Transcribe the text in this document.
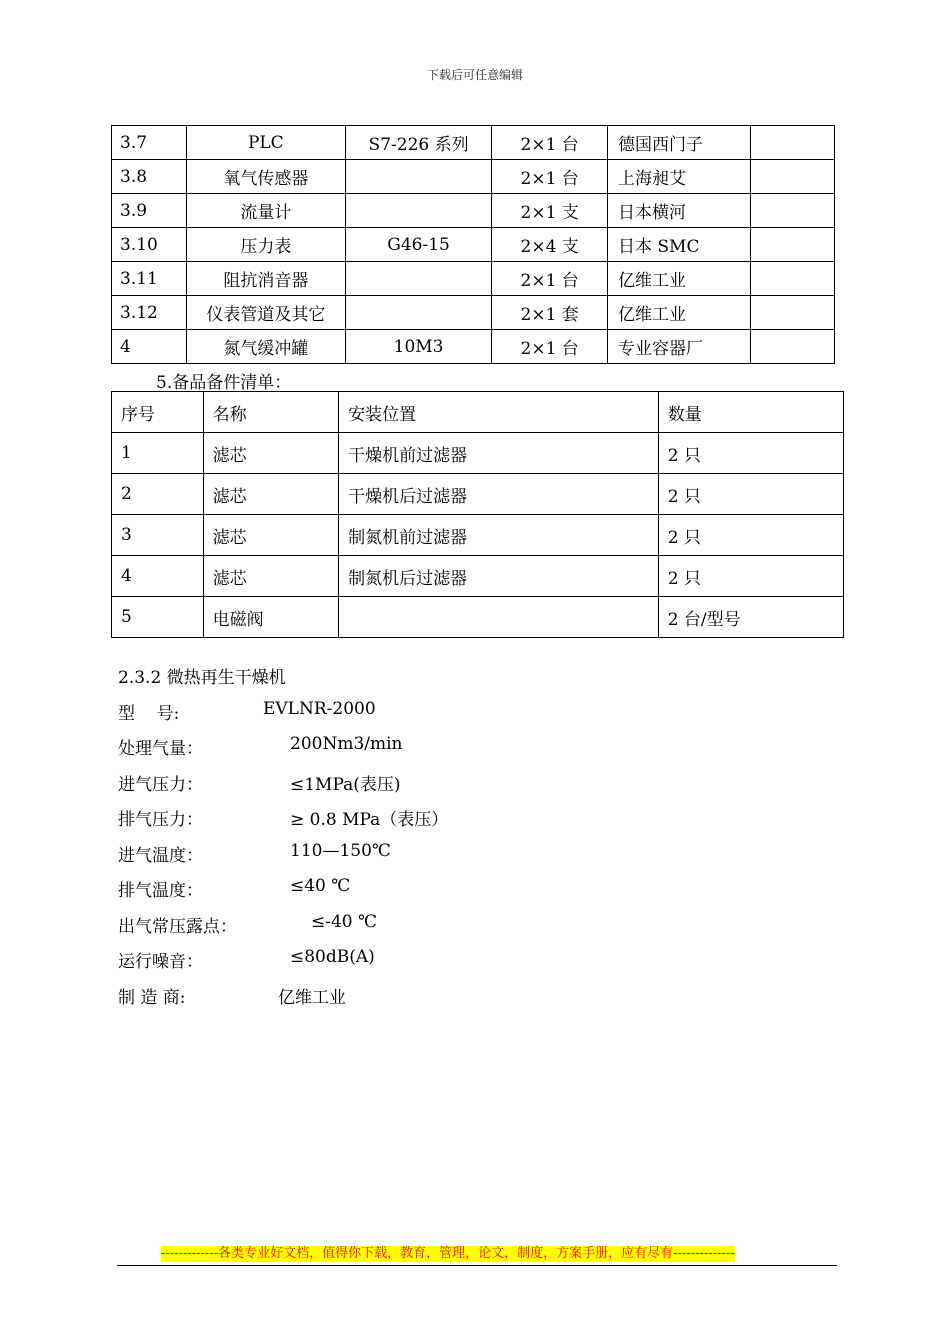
下载后可任意编辑
3.7	PLC	S7-226 系列	2×1 台	德国西门子	
3.8	氧气传感器		2×1 台	上海昶艾	
3.9	流量计		2×1 支	日本横河	
3.10	压力表	G46-15	2×4 支	日本 SMC	
3.11	阻抗消音器		2×1 台	亿维工业	
3.12	仪表管道及其它		2×1 套	亿维工业	
4	氮气缓冲罐	10M3	2×1 台	专业容器厂	
5.备品备件清单：
序号	名称	安装位置	数量
1	滤芯	干燥机前过滤器	2 只
2	滤芯	干燥机后过滤器	2 只
3	滤芯	制氮机前过滤器	2 只
4	滤芯	制氮机后过滤器	2 只
5	电磁阀		2 台/型号
2.3.2 微热再生干燥机
型    号:	EVLNR-2000
处理气量：	200Nm3/min
进气压力：	≤1MPa(表压)
排气压力：	≥ 0.8 MPa（表压）
进气温度：	110—150℃
排气温度：	≤40 ℃
出气常压露点：	≤-40 ℃
运行噪音：	≤80dB(A)
制 造 商:	亿维工业
-------------各类专业好文档，值得你下载，教育，管理，论文，制度，方案手册，应有尽有--------------
